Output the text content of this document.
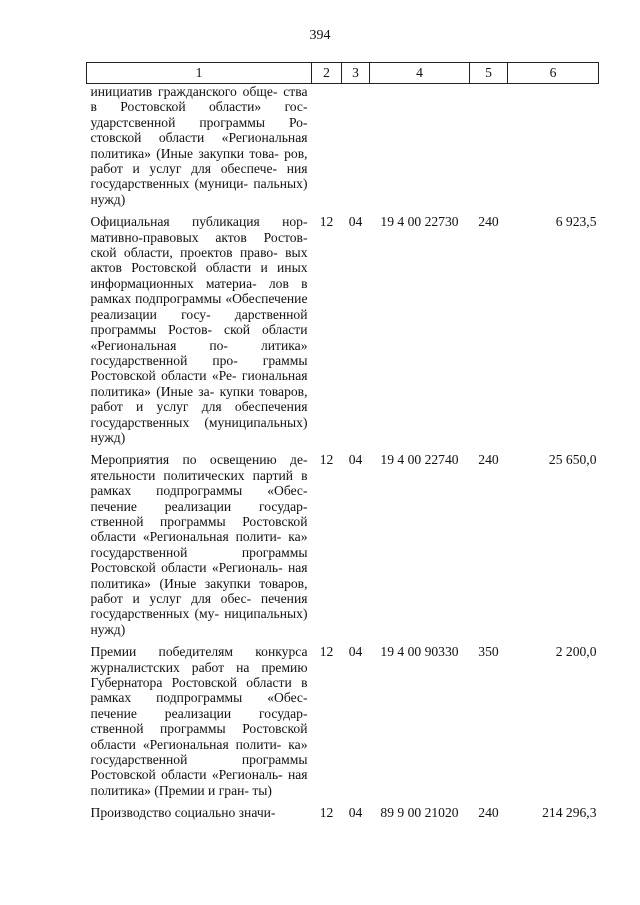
394
1	2	3	4	5	6
инициатив гражданского обще- ства в Ростовской области» гос- ударстсвенной программы Ро- стовской области «Региональная политика» (Иные закупки това- ров, работ и услуг для обеспече- ния государственных (муници- пальных) нужд)					

Официальная публикация нор- мативно-правовых актов Ростов- ской области, проектов право- вых актов Ростовской области и иных информационных материа- лов в рамках подпрограммы «Обеспечение реализации госу- дарственной программы Ростов- ской области «Региональная по- литика» государственной про- граммы Ростовской области «Ре- гиональная политика» (Иные за- купки товаров, работ и услуг для обеспечения государственных (муниципальных) нужд)	12	04	19 4 00 22730	240	6 923,5

Мероприятия по освещению де- ятельности политических партий в рамках подпрограммы «Обес- печение реализации государ- ственной программы Ростовской области «Региональная полити- ка» государственной программы Ростовской области «Региональ- ная политика» (Иные закупки товаров, работ и услуг для обес- печения государственных (му- ниципальных) нужд)	12	04	19 4 00 22740	240	25 650,0

Премии победителям конкурса журналистских работ на премию Губернатора Ростовской области в рамках подпрограммы «Обес- печение реализации государ- ственной программы Ростовской области «Региональная полити- ка» государственной программы Ростовской области «Региональ- ная политика» (Премии и гран- ты)	12	04	19 4 00 90330	350	2 200,0

Производство социально значи-	12	04	89 9 00 21020	240	214 296,3
